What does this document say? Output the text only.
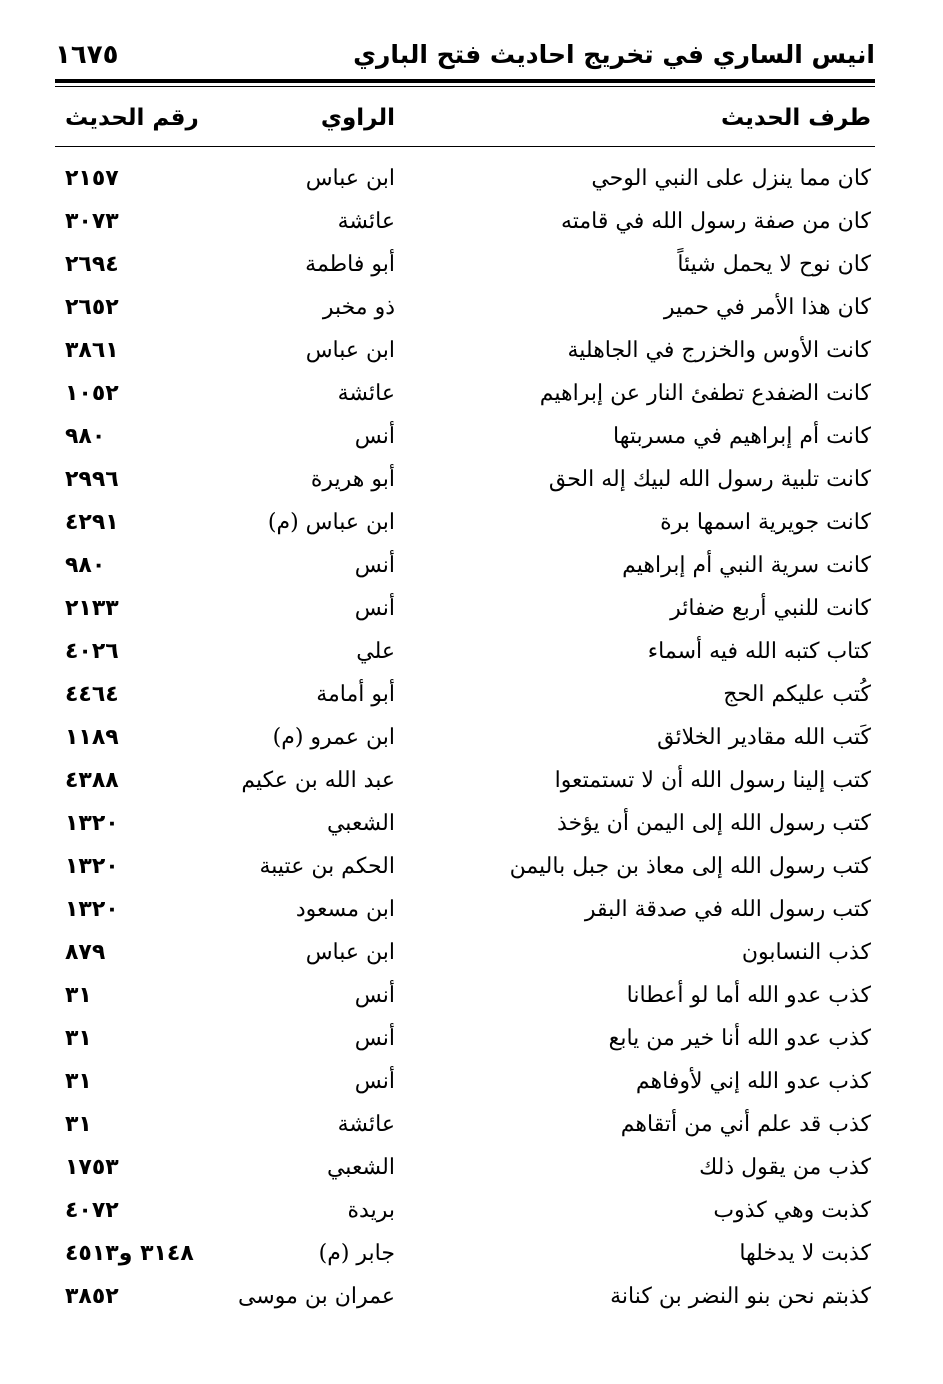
انيس الساري في تخريج احاديث فتح الباري
١٦٧٥
طرف الحديث
الراوي
رقم الحديث
كان مما ينزل على النبي الوحي
ابن عباس
٢١٥٧
كان من صفة رسول الله في قامته
عائشة
٣٠٧٣
كان نوح لا يحمل شيئاً
أبو فاطمة
٢٦٩٤
كان هذا الأمر في حمير
ذو مخبر
٢٦٥٢
كانت الأوس والخزرج في الجاهلية
ابن عباس
٣٨٦١
كانت الضفدع تطفئ النار عن إبراهيم
عائشة
١٠٥٢
كانت أم إبراهيم في مسربتها
أنس
٩٨٠
كانت تلبية رسول الله لبيك إله الحق
أبو هريرة
٢٩٩٦
كانت جويرية اسمها برة
ابن عباس (م)
٤٢٩١
كانت سرية النبي أم إبراهيم
أنس
٩٨٠
كانت للنبي أربع ضفائر
أنس
٢١٣٣
كتاب كتبه الله فيه أسماء
علي
٤٠٢٦
كُتب عليكم الحج
أبو أمامة
٤٤٦٤
كَتب الله مقادير الخلائق
ابن عمرو (م)
١١٨٩
كتب إلينا رسول الله أن لا تستمتعوا
عبد الله بن عكيم
٤٣٨٨
كتب رسول الله إلى اليمن أن يؤخذ
الشعبي
١٣٢٠
كتب رسول الله إلى معاذ بن جبل باليمن
الحكم بن عتيبة
١٣٢٠
كتب رسول الله في صدقة البقر
ابن مسعود
١٣٢٠
كذب النسابون
ابن عباس
٨٧٩
كذب عدو الله أما لو أعطانا
أنس
٣١
كذب عدو الله أنا خير من يابع
أنس
٣١
كذب عدو الله إني لأوفاهم
أنس
٣١
كذب قد علم أني من أتقاهم
عائشة
٣١
كذب من يقول ذلك
الشعبي
١٧٥٣
كذبت وهي كذوب
بريدة
٤٠٧٢
كذبت لا يدخلها
جابر (م)
٣١٤٨ و٤٥١٣
كذبتم نحن بنو النضر بن كنانة
عمران بن موسى
٣٨٥٢
